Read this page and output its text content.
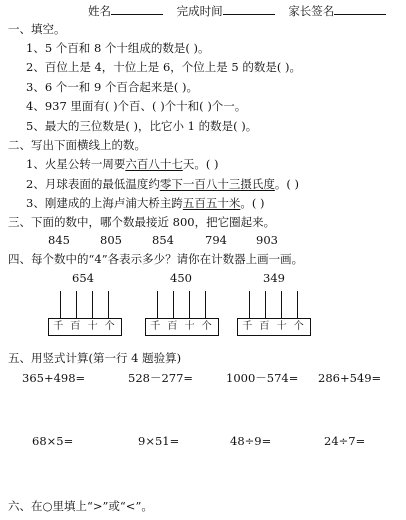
姓名	完成时间	家长签名
一、填空。
1、5 个百和 8 个十组成的数是( )。
2、百位上是 4，十位上是 6，个位上是 5 的数是( )。
3、6 个一和 9 个百合起来是( )。
4、937 里面有( )个百、( )个十和( )个一。
5、最大的三位数是( )，比它小 1 的数是( )。
二、写出下面横线上的数。
1、火星公转一周要六百八十七天。( )
2、月球表面的最低温度约零下一百八十三摄氏度。( )
3、刚建成的上海卢浦大桥主跨五百五十米。( )
三、下面的数中，哪个数最接近 800，把它圈起来。
845	805	854	794	903
四、每个数中的“4”各表示多少？请你在计数器上画一画。
654	450	349
千 百 十 个	千 百 十 个	千 百 十 个
五、用竖式计算(第一行 4 题验算)
365+498=	528－277=	1000－574= 286+549=
68×5=	9×51=	48÷9=	24÷7=
六、在○里填上“>”或“<”。
